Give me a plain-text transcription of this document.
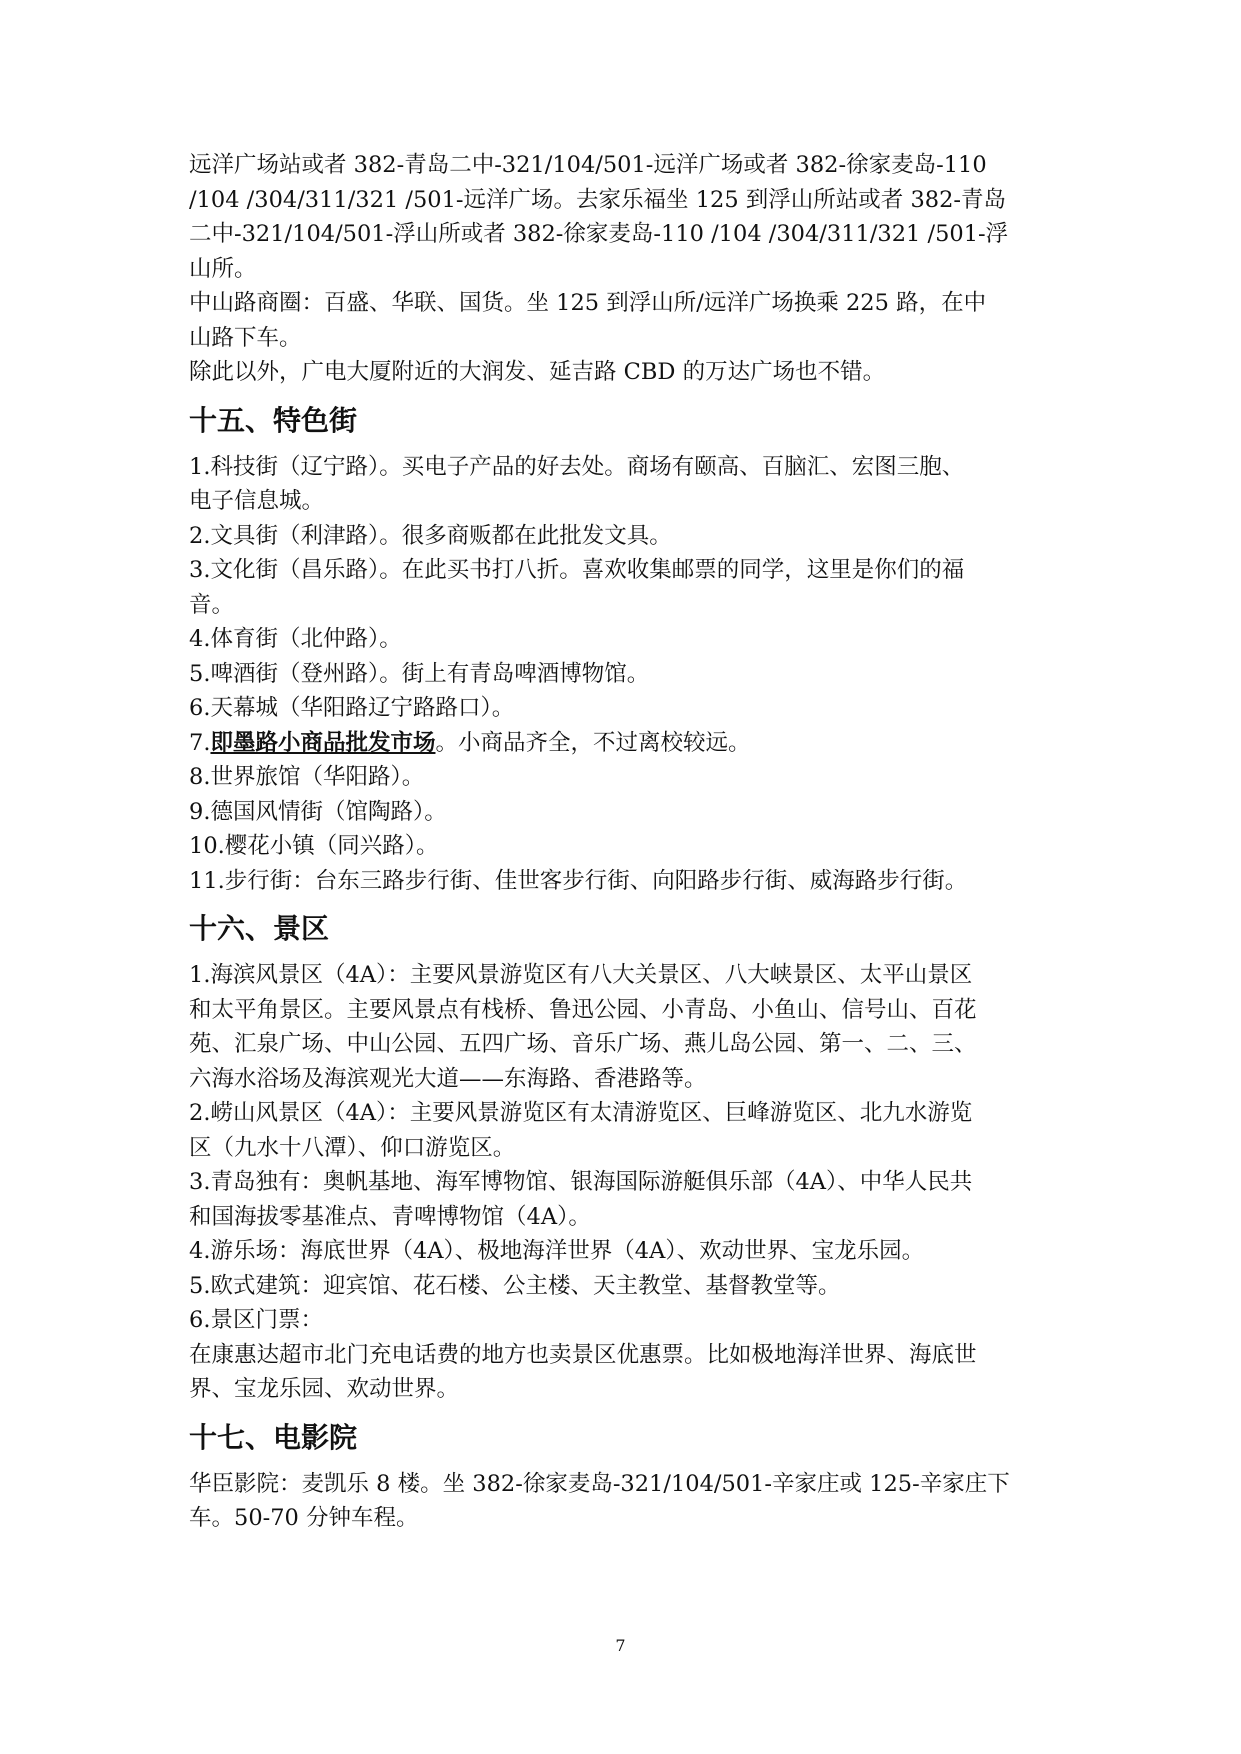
远洋广场站或者 382-青岛二中-321/104/501-远洋广场或者 382-徐家麦岛-110

/104 /304/311/321 /501-远洋广场。去家乐福坐 125 到浮山所站或者 382-青岛

二中-321/104/501-浮山所或者 382-徐家麦岛-110 /104 /304/311/321 /501-浮

山所。

中山路商圈：百盛、华联、国货。坐 125 到浮山所/远洋广场换乘 225 路，在中

山路下车。

除此以外，广电大厦附近的大润发、延吉路 CBD 的万达广场也不错。

十五、特色街

1.科技街（辽宁路）。买电子产品的好去处。商场有颐高、百脑汇、宏图三胞、

电子信息城。

2.文具街（利津路）。很多商贩都在此批发文具。

3.文化街（昌乐路）。在此买书打八折。喜欢收集邮票的同学，这里是你们的福

音。

4.体育街（北仲路）。

5.啤酒街（登州路）。街上有青岛啤酒博物馆。

6.天幕城（华阳路辽宁路路口）。

7.即墨路小商品批发市场。小商品齐全，不过离校较远。

8.世界旅馆（华阳路）。

9.德国风情街（馆陶路）。

10.樱花小镇（同兴路）。

11.步行街：台东三路步行街、佳世客步行街、向阳路步行街、威海路步行街。

十六、景区

1.海滨风景区（4A）：主要风景游览区有八大关景区、八大峡景区、太平山景区

和太平角景区。主要风景点有栈桥、鲁迅公园、小青岛、小鱼山、信号山、百花

苑、汇泉广场、中山公园、五四广场、音乐广场、燕儿岛公园、第一、二、三、

六海水浴场及海滨观光大道——东海路、香港路等。

2.崂山风景区（4A）：主要风景游览区有太清游览区、巨峰游览区、北九水游览

区（九水十八潭）、仰口游览区。

3.青岛独有：奥帆基地、海军博物馆、银海国际游艇俱乐部（4A）、中华人民共

和国海拔零基准点、青啤博物馆（4A）。

4.游乐场：海底世界（4A）、极地海洋世界（4A）、欢动世界、宝龙乐园。

5.欧式建筑：迎宾馆、花石楼、公主楼、天主教堂、基督教堂等。

6.景区门票：

在康惠达超市北门充电话费的地方也卖景区优惠票。比如极地海洋世界、海底世

界、宝龙乐园、欢动世界。

十七、电影院

华臣影院：麦凯乐 8 楼。坐 382-徐家麦岛-321/104/501-辛家庄或 125-辛家庄下

车。50-70 分钟车程。

7
